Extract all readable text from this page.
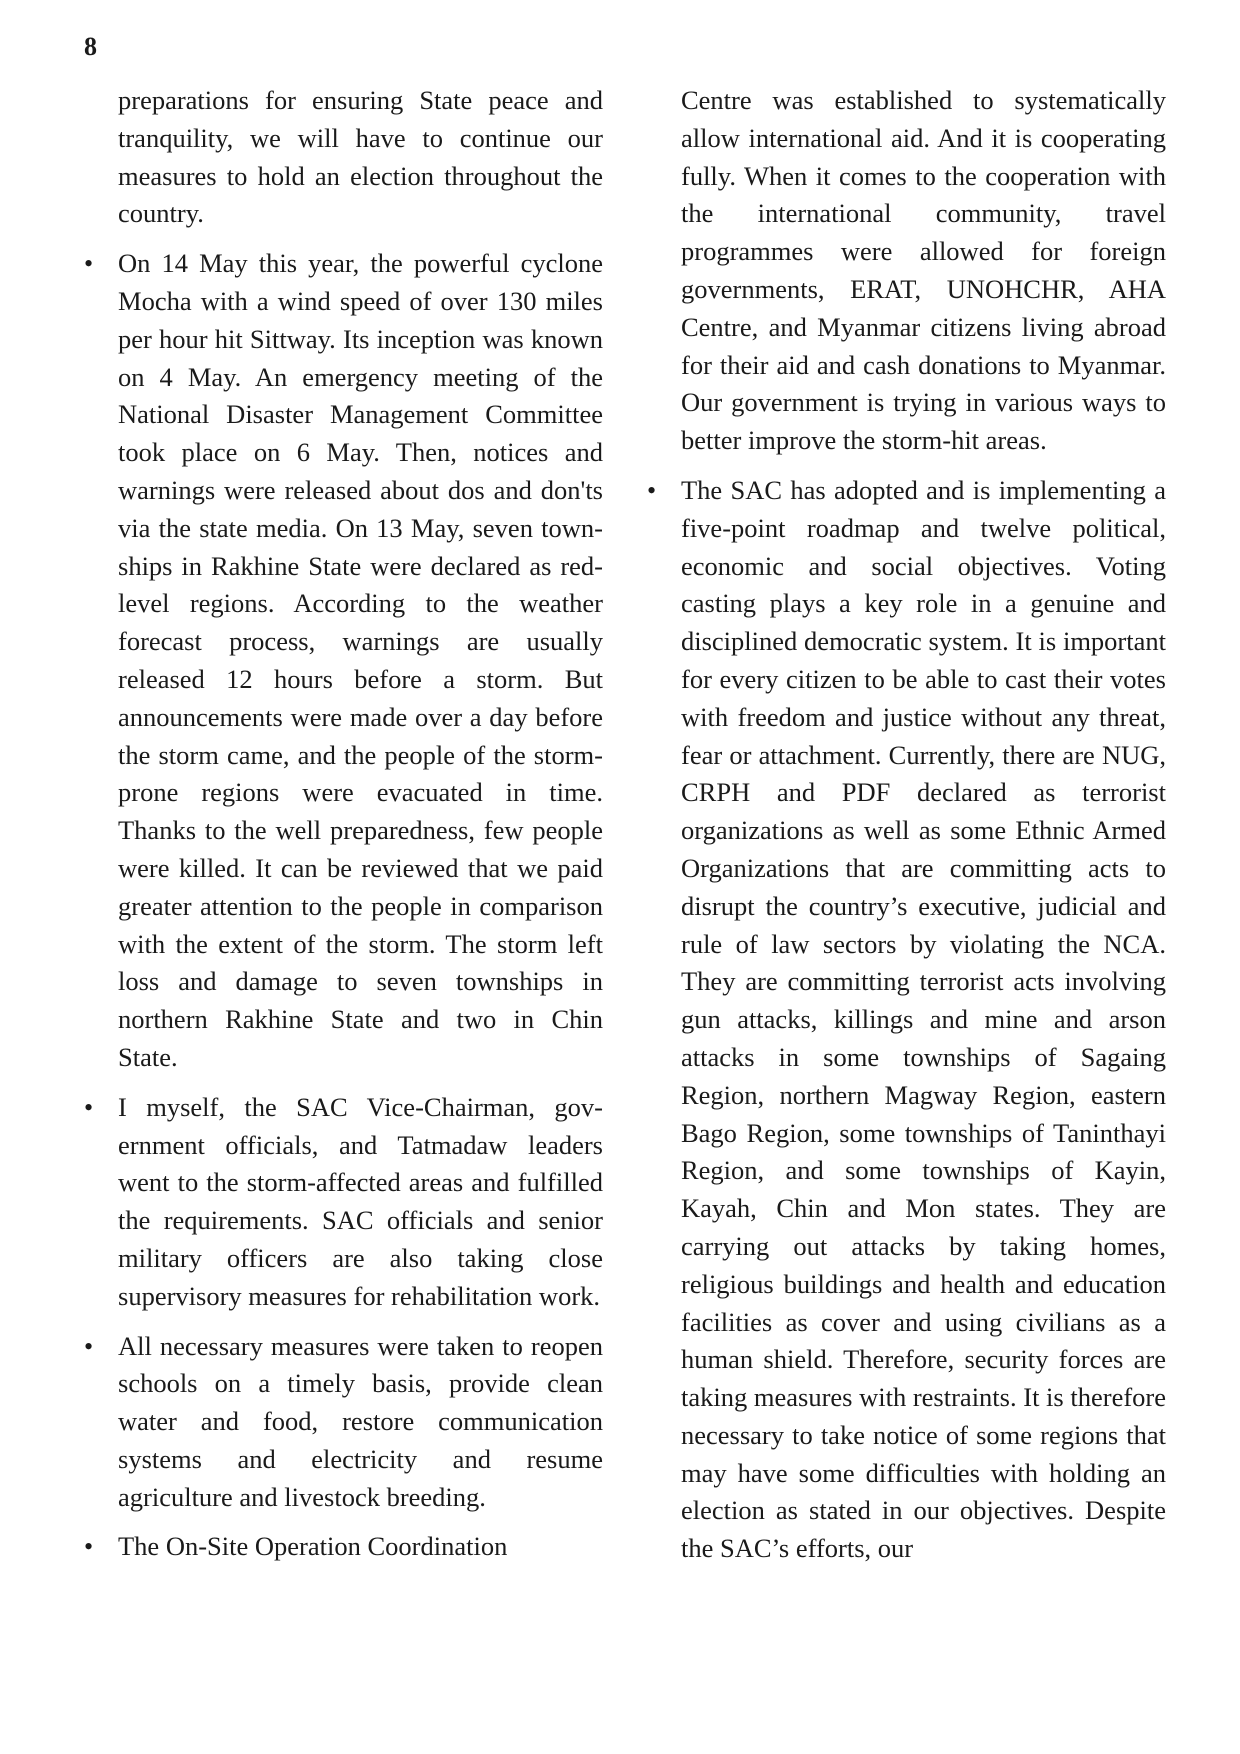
8

preparations for ensuring State peace and tranquility, we will have to continue our measures to hold an election throughout the country.

• On 14 May this year, the powerful cyclone Mocha with a wind speed of over 130 miles per hour hit Sittway. Its inception was known on 4 May. An emergency meeting of the National Disaster Management Committee took place on 6 May. Then, notices and warnings were released about dos and don'ts via the state media. On 13 May, seven townships in Rakhine State were declared as red-level regions. According to the weather forecast process, warnings are usually released 12 hours before a storm. But announcements were made over a day before the storm came, and the people of the storm-prone regions were evacuated in time. Thanks to the well preparedness, few people were killed. It can be reviewed that we paid greater attention to the people in comparison with the extent of the storm. The storm left loss and damage to seven townships in northern Rakhine State and two in Chin State.

• I myself, the SAC Vice-Chairman, government officials, and Tatmadaw leaders went to the storm-affected areas and fulfilled the requirements. SAC officials and senior military officers are also taking close supervisory measures for rehabilitation work.

• All necessary measures were taken to reopen schools on a timely basis, provide clean water and food, restore communication systems and electricity and resume agriculture and livestock breeding.

• The On-Site Operation Coordination

Centre was established to systematically allow international aid. And it is cooperating fully. When it comes to the cooperation with the international community, travel programmes were allowed for foreign governments, ERAT, UNOHCHR, AHA Centre, and Myanmar citizens living abroad for their aid and cash donations to Myanmar. Our government is trying in various ways to better improve the storm-hit areas.

• The SAC has adopted and is implementing a five-point roadmap and twelve political, economic and social objectives. Voting casting plays a key role in a genuine and disciplined democratic system. It is important for every citizen to be able to cast their votes with freedom and justice without any threat, fear or attachment. Currently, there are NUG, CRPH and PDF declared as terrorist organizations as well as some Ethnic Armed Organizations that are committing acts to disrupt the country’s executive, judicial and rule of law sectors by violating the NCA. They are committing terrorist acts involving gun attacks, killings and mine and arson attacks in some townships of Sagaing Region, northern Magway Region, eastern Bago Region, some townships of Taninthayi Region, and some townships of Kayin, Kayah, Chin and Mon states. They are carrying out attacks by taking homes, religious buildings and health and education facilities as cover and using civilians as a human shield. Therefore, security forces are taking measures with restraints. It is therefore necessary to take notice of some regions that may have some difficulties with holding an election as stated in our objectives. Despite the SAC’s efforts, our
